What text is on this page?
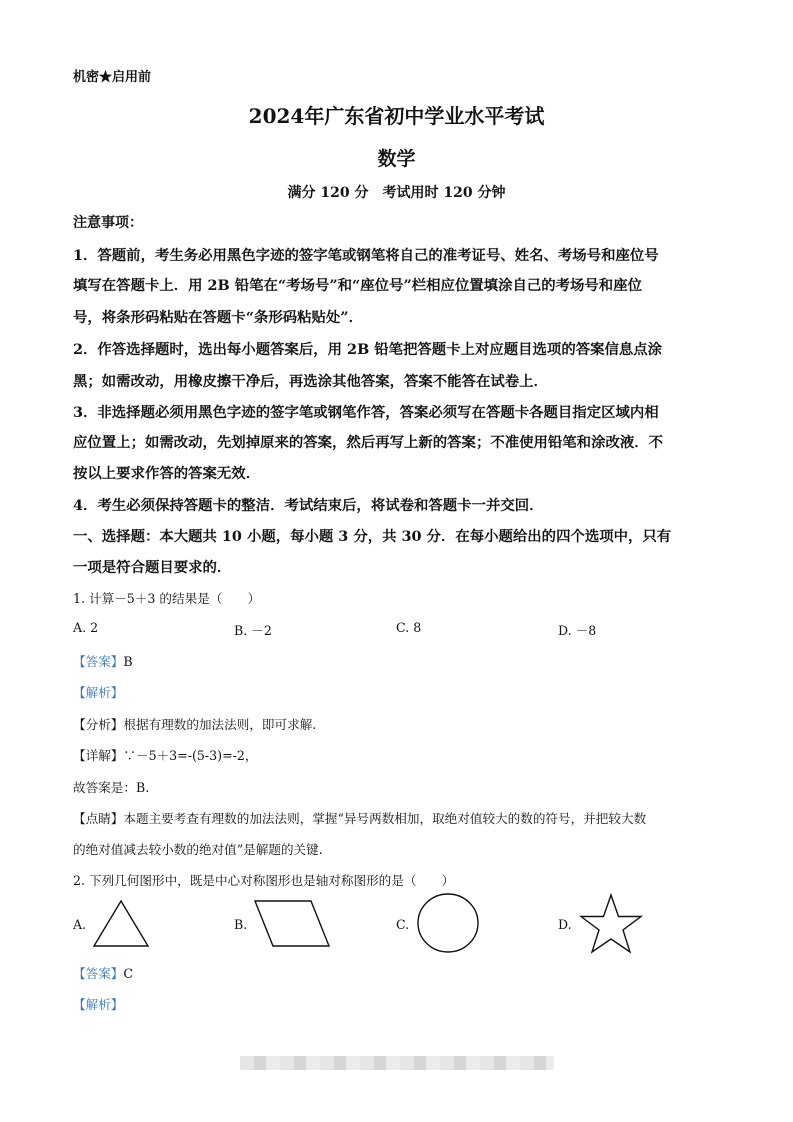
机密★启用前
2024年广东省初中学业水平考试
数学
满分 120 分　考试用时 120 分钟
注意事项：
1．答题前，考生务必用黑色字迹的签字笔或钢笔将自己的准考证号、姓名、考场号和座位号
填写在答题卡上．用 2B 铅笔在“考场号”和“座位号”栏相应位置填涂自己的考场号和座位
号，将条形码粘贴在答题卡“条形码粘贴处”．
2．作答选择题时，选出每小题答案后，用 2B 铅笔把答题卡上对应题目选项的答案信息点涂
黑；如需改动，用橡皮擦干净后，再选涂其他答案，答案不能答在试卷上．
3．非选择题必须用黑色字迹的签字笔或钢笔作答，答案必须写在答题卡各题目指定区域内相
应位置上；如需改动，先划掉原来的答案，然后再写上新的答案；不准使用铅笔和涂改液．不
按以上要求作答的答案无效．
4．考生必须保持答题卡的整洁．考试结束后，将试卷和答题卡一并交回．
一、选择题：本大题共 10 小题，每小题 3 分，共 30 分．在每小题给出的四个选项中，只有
一项是符合题目要求的．
1. 计算－5＋3 的结果是（　　）
A. 2	B. －2	C. 8	D. －8
【答案】B
【解析】
【分析】根据有理数的加法法则，即可求解.
【详解】∵－5＋3=-(5-3)=-2，
故答案是：B.
【点睛】本题主要考查有理数的加法法则，掌握“异号两数相加，取绝对值较大的数的符号，并把较大数
的绝对值减去较小数的绝对值”是解题的关键.
2. 下列几何图形中，既是中心对称图形也是轴对称图形的是（　　）
A.	B.	C.	D.
【答案】C
【解析】
